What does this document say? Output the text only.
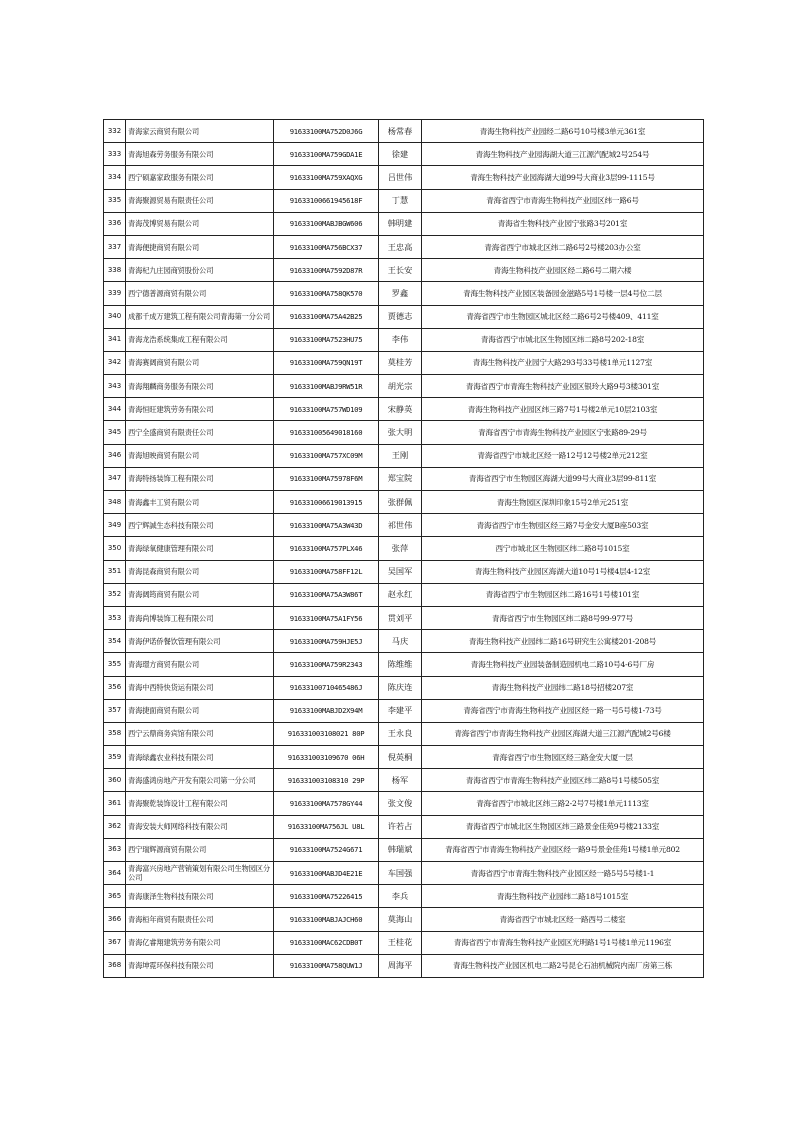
332	青海家云商贸有限公司	91633100MA752D0J6G	杨常春	青海生物科技产业园经二路6号10号楼3单元361室
333	青海旭森劳务服务有限公司	91633100MA759GDA1E	徐建	青海生物科技产业园海湖大道三江源汽配城2号254号
334	西宁硕嘉家政服务有限公司	91633100MA759XAQXG	吕世伟	青海生物科技产业园海湖大道99号大商业3层99-1115号
335	青海聚源贸易有限责任公司	91633100661945618F	丁慧	青海省西宁市青海生物科技产业园区纬一路6号
336	青海茂博贸易有限公司	91633100MABJBGW606	韩明建	青海省生物科技产业园宁张路3号201室
337	青海便捷商贸有限公司	91633100MA756BCX37	王忠高	青海省西宁市城北区纬二路6号2号楼203办公室
338	青海杞九庄园商贸股份公司	91633100MA7592D87R	王长安	青海生物科技产业园区经二路6号二期六楼
339	西宁德普源商贸有限公司	91633100MA758QK570	罗鑫	青海生物科技产业园区装备园金滋路5号1号楼一层4号位二层
340	成都千成万建筑工程有限公司青海第一分公司	91633100MA75A42B25	贾德志	青海省西宁市生物园区城北区经二路6号2号楼409、411室
341	青海龙浩系统集成工程有限公司	91633100MA7523HU75	李伟	青海省西宁市城北区生物园区纬二路8号202-18室
342	青海赛阔商贸有限公司	91633100MA759QN19T	莫桂芳	青海生物科技产业园宁大路293号33号楼1单元1127室
343	青海翔麟商务服务有限公司	91633100MABJ9RW51R	胡光宗	青海省西宁市青海生物科技产业园区银玲大路9号3楼301室
344	青海恒旺建筑劳务有限公司	91633100MA757WD109	宋静英	青海生物科技产业园区纬三路7号1号楼2单元10层2103室
345	西宁全盛商贸有限责任公司	916331005649018160	张大明	青海省西宁市青海生物科技产业园区宁张路89-29号
346	青海旭映商贸有限公司	91633100MA757XC09M	王刚	青海省西宁市城北区经一路12号12号楼2单元212室
347	青海特扬装饰工程有限公司	91633100MA75978F6M	郑宝院	青海省西宁市生物园区海湖大道99号大商业3层99-811室
348	青海鑫丰工贸有限公司	916331006619013915	张群佩	青海生物园区深圳印象15号2单元251室
349	西宁辉誠生态科技有限公司	91633100MA75A3W43D	祁世伟	青海省西宁市生物园区经三路7号金安大厦B座503室
350	青海绿氧健康管理有限公司	91633100MA757PLX46	张萍	西宁市城北区生物园区纬二路8号1015室
351	青海昆森商贸有限公司	91633100MA758FF12L	吴国军	青海生物科技产业园区海湖大道10号1号楼4层4-12室
352	青海阔筠商贸有限公司	91633100MA75A3W86T	赵永红	青海省西宁市生物园区纬二路16号1号楼101室
353	青海尚博装饰工程有限公司	91633100MA75A1FY56	贯刘平	青海省西宁市生物园区纬二路8号99-977号
354	青海伊诺侨餐饮管理有限公司	91633100MA759HJE5J	马庆	青海生物科技产业园纬二路16号研究生公寓楼201-208号
355	青海璟方商贸有限公司	91633100MA759R2343	陈维维	青海生物科技产业园装备制造园机电二路10号4-6号厂房
356	青海中西特快货运有限公司	91633100710465486J	陈庆连	青海生物科技产业园纬二路18号招楼207室
357	青海捷面商贸有限公司	91633100MABJD2X94M	李建平	青海省西宁市青海生物科技产业园区经一路一号5号楼1-73号
358	西宁云鼎商务宾馆有限公司	916331003108021 80P	王永良	青海省西宁市青海生物科技产业园区海湖大道三江源汽配城2号6楼
359	青海绿鑫农业科技有限公司	916331003109670 06H	倪英桐	青海省西宁市生物园区经三路金安大厦一层
360	青海盛鸿房地产开发有限公司第一分公司	916331003108310 29P	杨军	青海省西宁市青海生物科技产业园区纬二路8号1号楼505室
361	青海聚乾装饰设计工程有限公司	91633100MA7578GY44	张文俊	青海省西宁市城北区纬三路2-2号7号楼1单元1113室
362	青海安装大师网络科技有限公司	91633100MA756JL U8L	许若占	青海省西宁市城北区生物园区纬三路景金佳苑9号楼2133室
363	西宁瑞辉源商贸有限公司	91633100MA7524G671	韩瑞斌	青海省西宁市青海生物科技产业园区经一路9号景金佳苑1号楼1单元802
364	青海富兴房地产营销策划有限公司生物园区分公司	91633100MABJD4E21E	车国强	青海省西宁市青海生物科技产业园区经一路5号5号楼1-1
365	青海康泽生物科技有限公司	91633100MA75226415	李兵	青海生物科技产业园纬二路18号1015室
366	青海桓年商贸有限责任公司	91633100MABJAJCH60	莫海山	青海省西宁市城北区经一路西号二楼室
367	青海亿睿翔建筑劳务有限公司	91633100MAC62CDB0T	王桂花	青海省西宁市青海生物科技产业园区光明路1号1号楼1单元1196室
368	青海坤霓环保科技有限公司	91633100MA758QUW1J	周海平	青海生物科技产业园区机电二路2号昆仑石油机械院内南厂房第三栋
